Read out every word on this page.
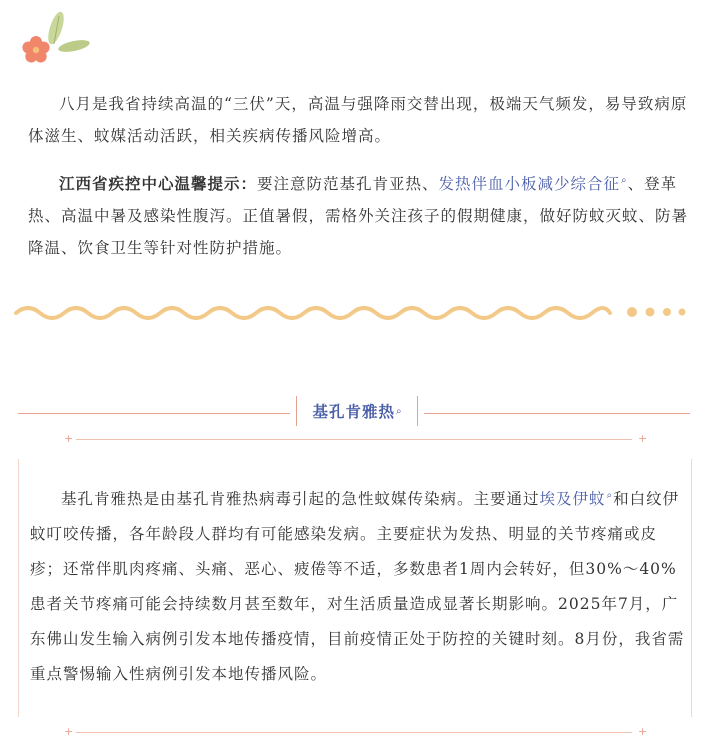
八月是我省持续高温的“三伏”天，高温与强降雨交替出现，极端天气频发，易导致病原体滋生、蚊媒活动活跃，相关疾病传播风险增高。

江西省疾控中心温馨提示：要注意防范基孔肯亚热、发热伴血小板减少综合征⌕、登革热、高温中暑及感染性腹泻。正值暑假，需格外关注孩子的假期健康，做好防蚊灭蚊、防暑降温、饮食卫生等针对性防护措施。

基孔肯雅热 ⌕
+	+

基孔肯雅热是由基孔肯雅热病毒引起的急性蚊媒传染病。主要通过埃及伊蚊⌕和白纹伊蚊叮咬传播，各年龄段人群均有可能感染发病。主要症状为发热、明显的关节疼痛或皮疹；还常伴肌肉疼痛、头痛、恶心、疲倦等不适，多数患者1周内会转好，但30%～40%患者关节疼痛可能会持续数月甚至数年，对生活质量造成显著长期影响。2025年7月，广东佛山发生输入病例引发本地传播疫情，目前疫情正处于防控的关键时刻。8月份，我省需重点警惕输入性病例引发本地传播风险。

+	+
